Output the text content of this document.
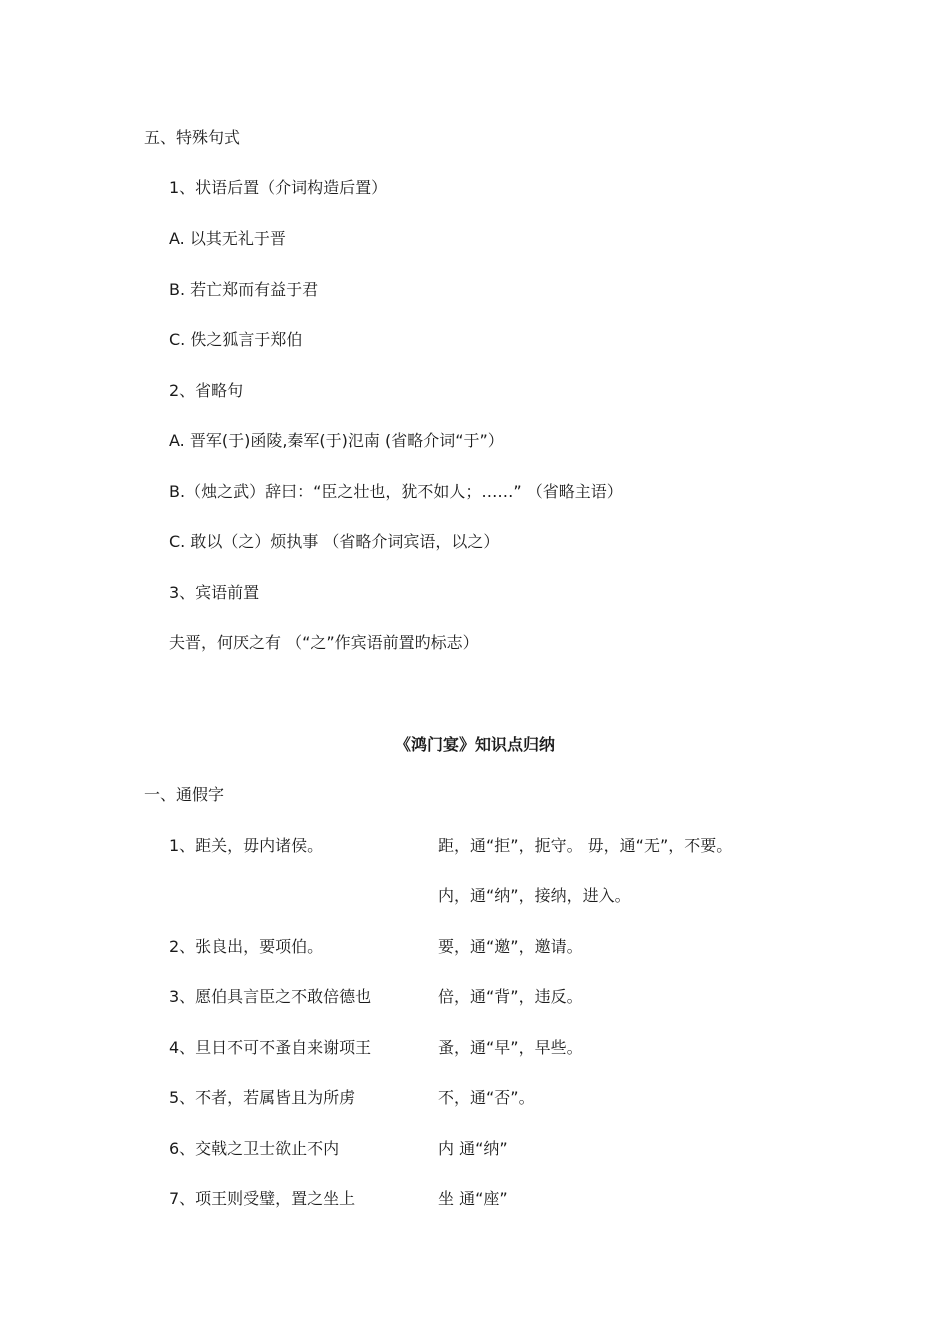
五、特殊句式
1、状语后置（介词构造后置）
A. 以其无礼于晋
B. 若亡郑而有益于君
C. 佚之狐言于郑伯
2、省略句
A. 晋军(于)函陵,秦军(于)氾南 (省略介词“于”）
B.（烛之武）辞曰：“臣之壮也，犹不如人；……” （省略主语）
C. 敢以（之）烦执事 （省略介词宾语，以之）
3、宾语前置
夫晋，何厌之有 （“之”作宾语前置旳标志）
《鸿门宴》知识点归纳
一、通假字
1、距关，毋内诸侯。	距，通“拒”，扼守。 毋，通“无”，不要。
内，通“纳”，接纳，进入。
2、张良出，要项伯。	要，通“邀”，邀请。
3、愿伯具言臣之不敢倍德也	倍，通“背”，违反。
4、旦日不可不蚤自来谢项王	蚤，通“早”，早些。
5、不者，若属皆且为所虏	不，通“否”。
6、交戟之卫士欲止不内	内 通“纳”
7、项王则受璧，置之坐上	坐 通“座”
